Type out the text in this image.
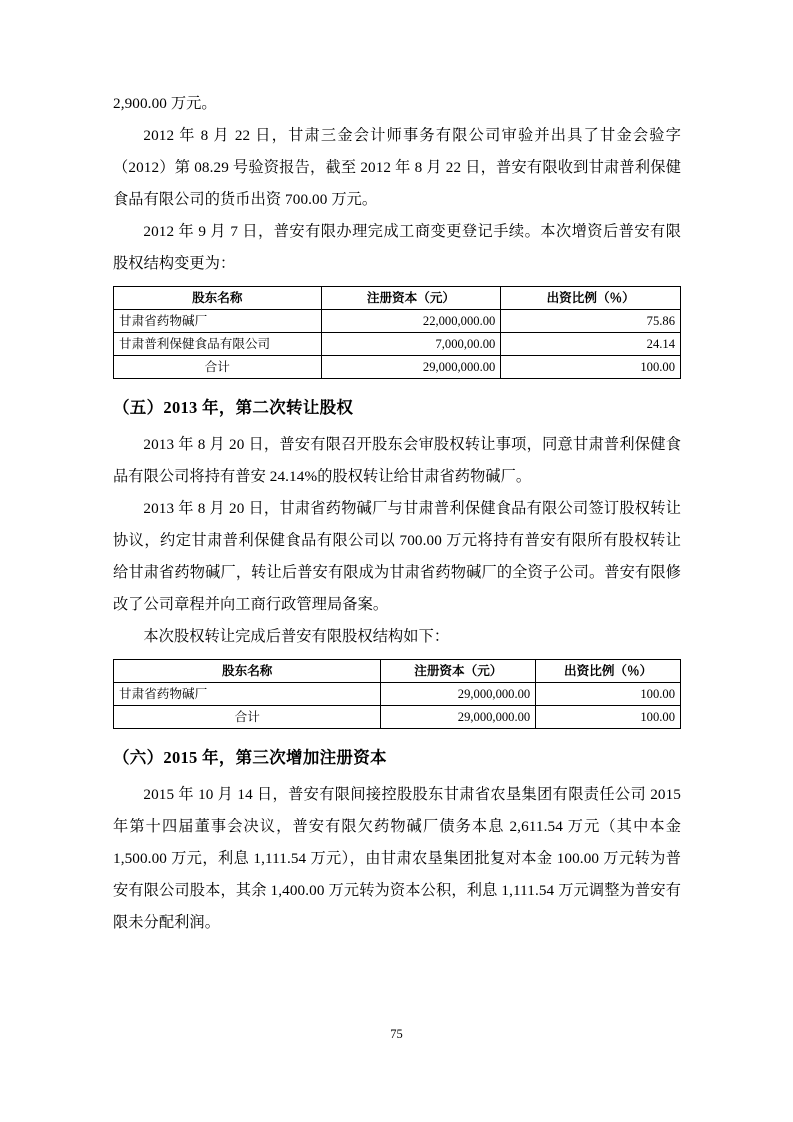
2,900.00 万元。

2012 年 8 月 22 日，甘肃三金会计师事务有限公司审验并出具了甘金会验字（2012）第 08.29 号验资报告，截至 2012 年 8 月 22 日，普安有限收到甘肃普利保健食品有限公司的货币出资 700.00 万元。

2012 年 9 月 7 日，普安有限办理完成工商变更登记手续。本次增资后普安有限股权结构变更为：

股东名称	注册资本（元）	出资比例（％）
甘肃省药物碱厂	22,000,000.00	75.86
甘肃普利保健食品有限公司	7,000,00.00	24.14
合计	29,000,000.00	100.00
（五）2013 年，第二次转让股权

2013 年 8 月 20 日，普安有限召开股东会审股权转让事项，同意甘肃普利保健食品有限公司将持有普安 24.14%的股权转让给甘肃省药物碱厂。

2013 年 8 月 20 日，甘肃省药物碱厂与甘肃普利保健食品有限公司签订股权转让协议，约定甘肃普利保健食品有限公司以 700.00 万元将持有普安有限所有股权转让给甘肃省药物碱厂，转让后普安有限成为甘肃省药物碱厂的全资子公司。普安有限修改了公司章程并向工商行政管理局备案。

本次股权转让完成后普安有限股权结构如下：

股东名称	注册资本（元）	出资比例（％）
甘肃省药物碱厂	29,000,000.00	100.00
合计	29,000,000.00	100.00
（六）2015 年，第三次增加注册资本

2015 年 10 月 14 日，普安有限间接控股股东甘肃省农垦集团有限责任公司 2015 年第十四届董事会决议，普安有限欠药物碱厂债务本息 2,611.54 万元（其中本金 1,500.00 万元，利息 1,111.54 万元），由甘肃农垦集团批复对本金 100.00 万元转为普安有限公司股本，其余 1,400.00 万元转为资本公积，利息 1,111.54 万元调整为普安有限未分配利润。

75
